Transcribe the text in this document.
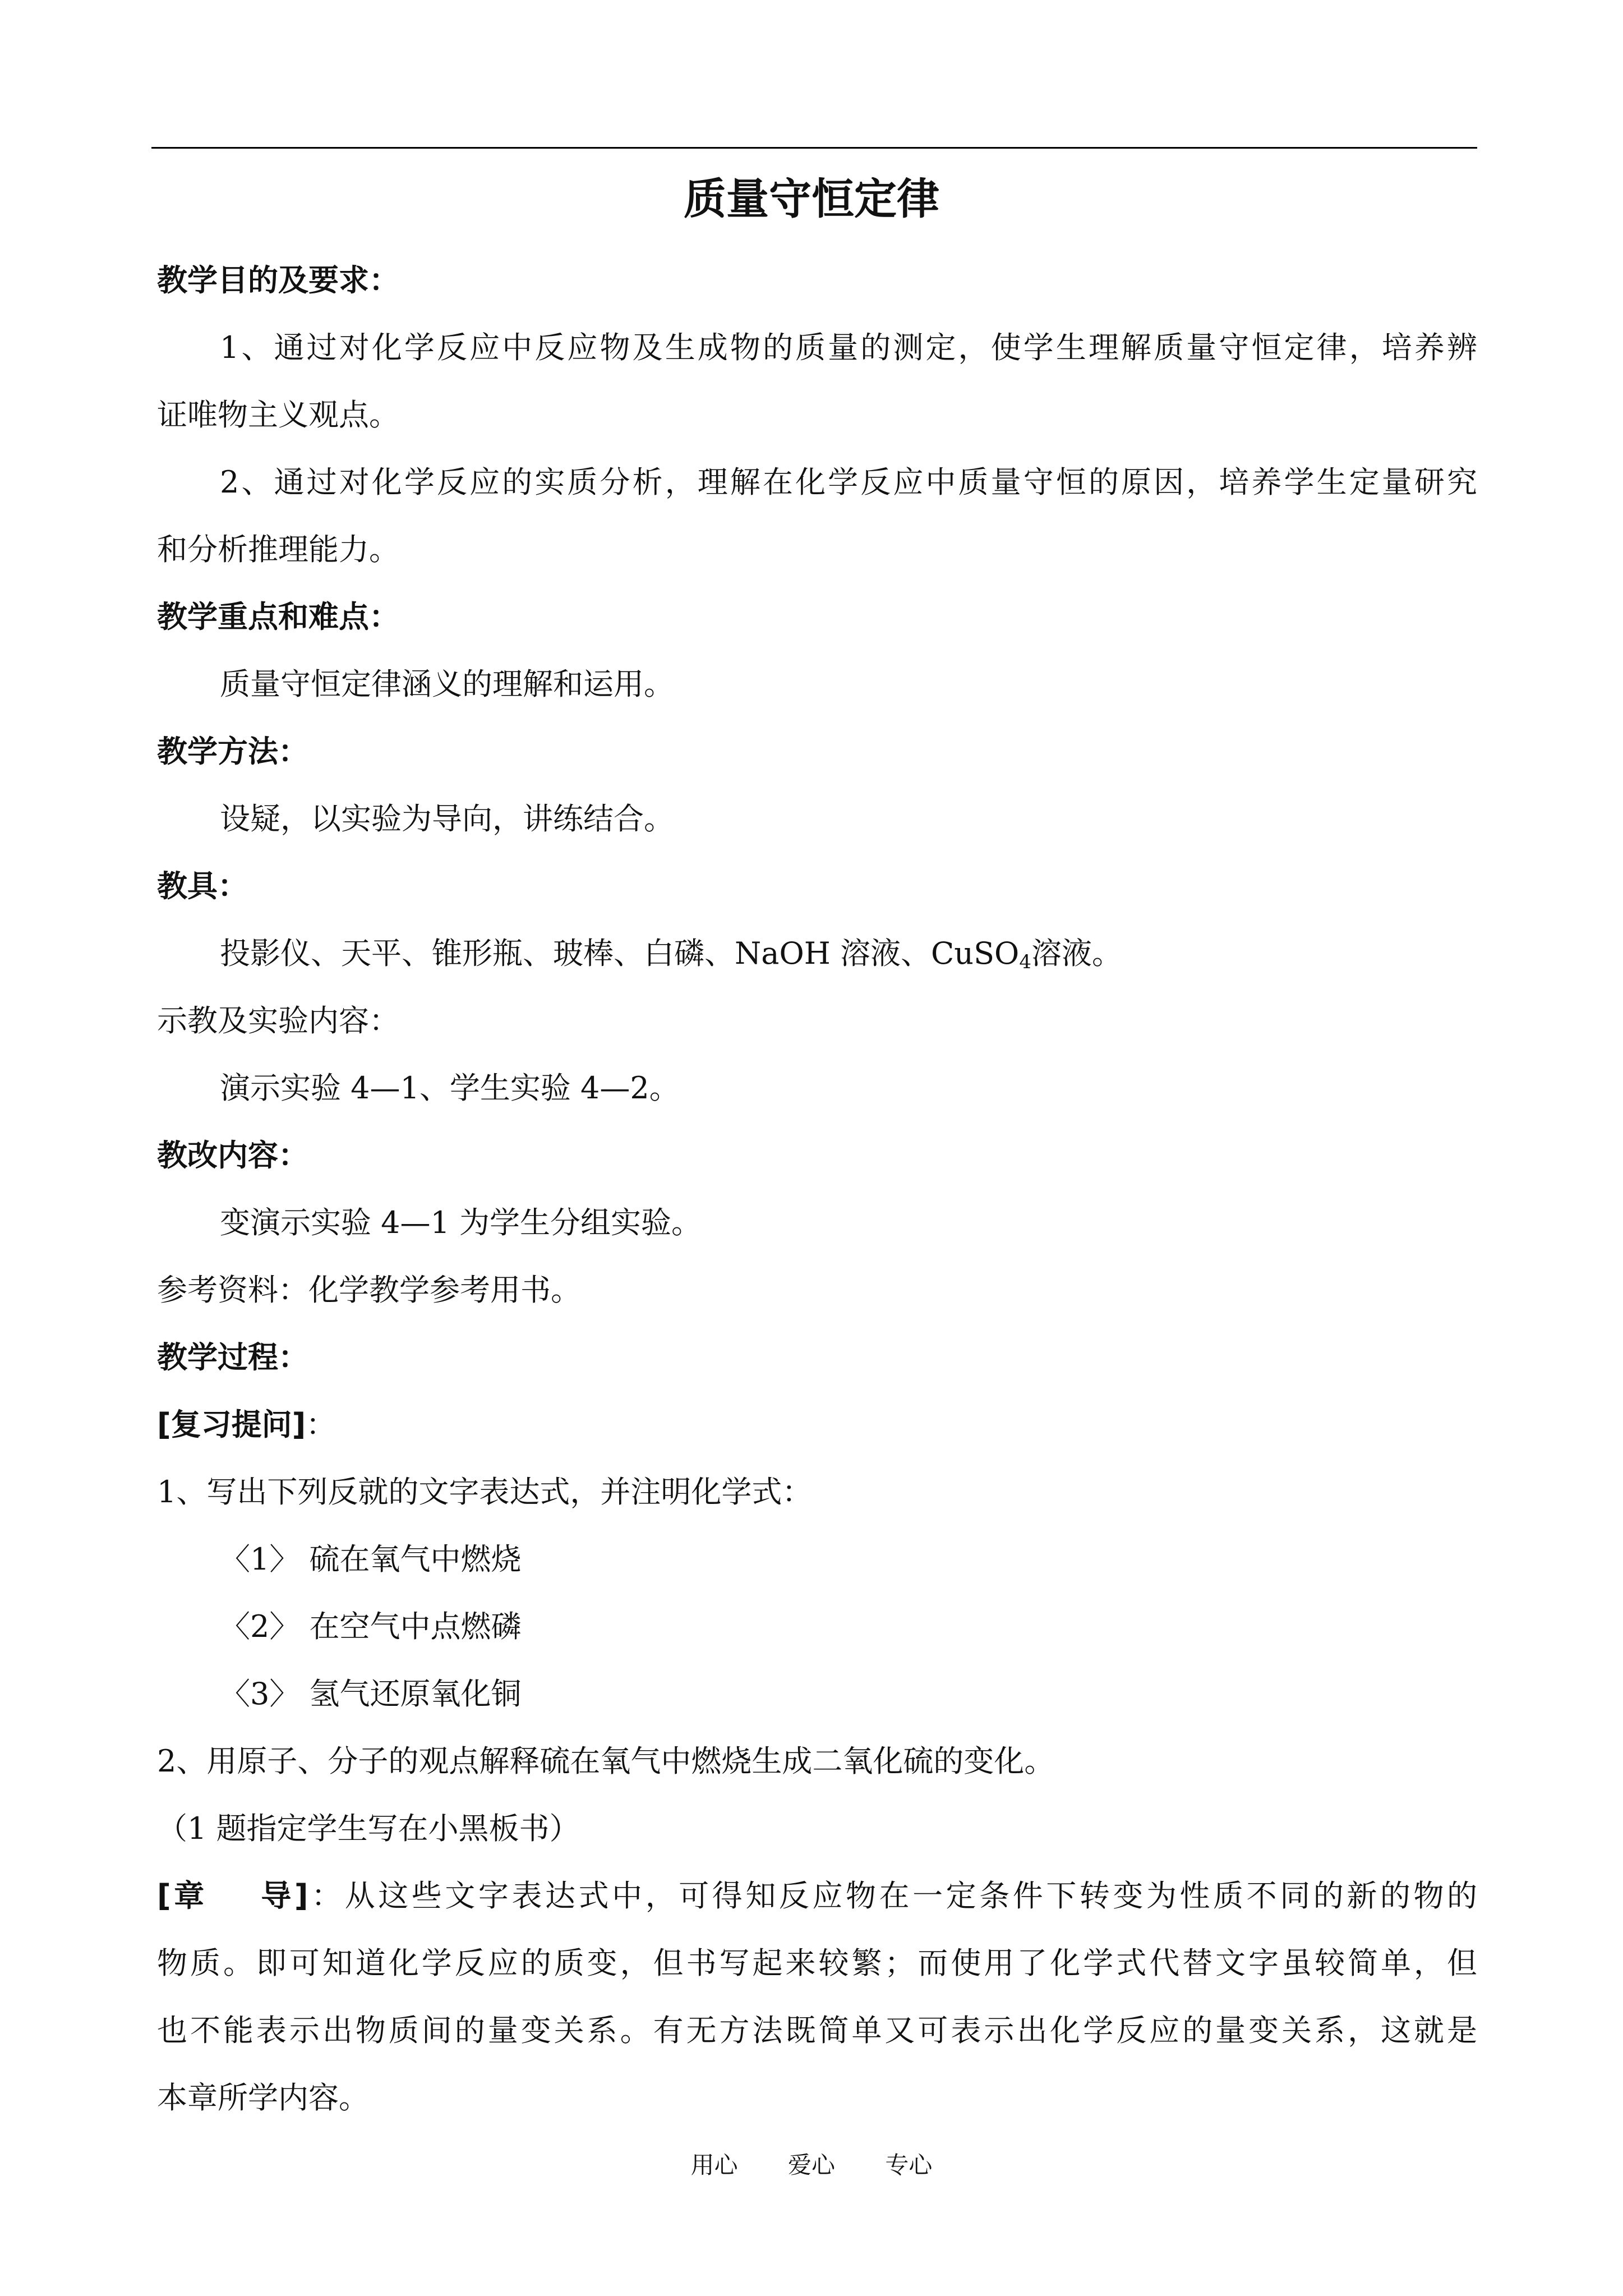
质量守恒定律
教学目的及要求：
1、通过对化学反应中反应物及生成物的质量的测定，使学生理解质量守恒定律，培养辨
证唯物主义观点。
2、通过对化学反应的实质分析，理解在化学反应中质量守恒的原因，培养学生定量研究
和分析推理能力。
教学重点和难点：
质量守恒定律涵义的理解和运用。
教学方法：
设疑，以实验为导向，讲练结合。
教具：
投影仪、天平、锥形瓶、玻棒、白磷、NaOH 溶液、CuSO$_4$溶液。
示教及实验内容：
演示实验 4—1、学生实验 4—2。
教改内容：
变演示实验 4—1 为学生分组实验。
参考资料：化学教学参考用书。
教学过程：
[复习提问]：
1、写出下列反就的文字表达式，并注明化学式：
〈1〉 硫在氧气中燃烧
〈2〉 在空气中点燃磷
〈3〉 氢气还原氧化铜
2、用原子、分子的观点解释硫在氧气中燃烧生成二氧化硫的变化。
（1 题指定学生写在小黑板书）
[章 导]：从这些文字表达式中，可得知反应物在一定条件下转变为性质不同的新的物的
物质。即可知道化学反应的质变，但书写起来较繁；而使用了化学式代替文字虽较简单，但
也不能表示出物质间的量变关系。有无方法既简单又可表示出化学反应的量变关系，这就是
本章所学内容。
用心 爱心 专心
